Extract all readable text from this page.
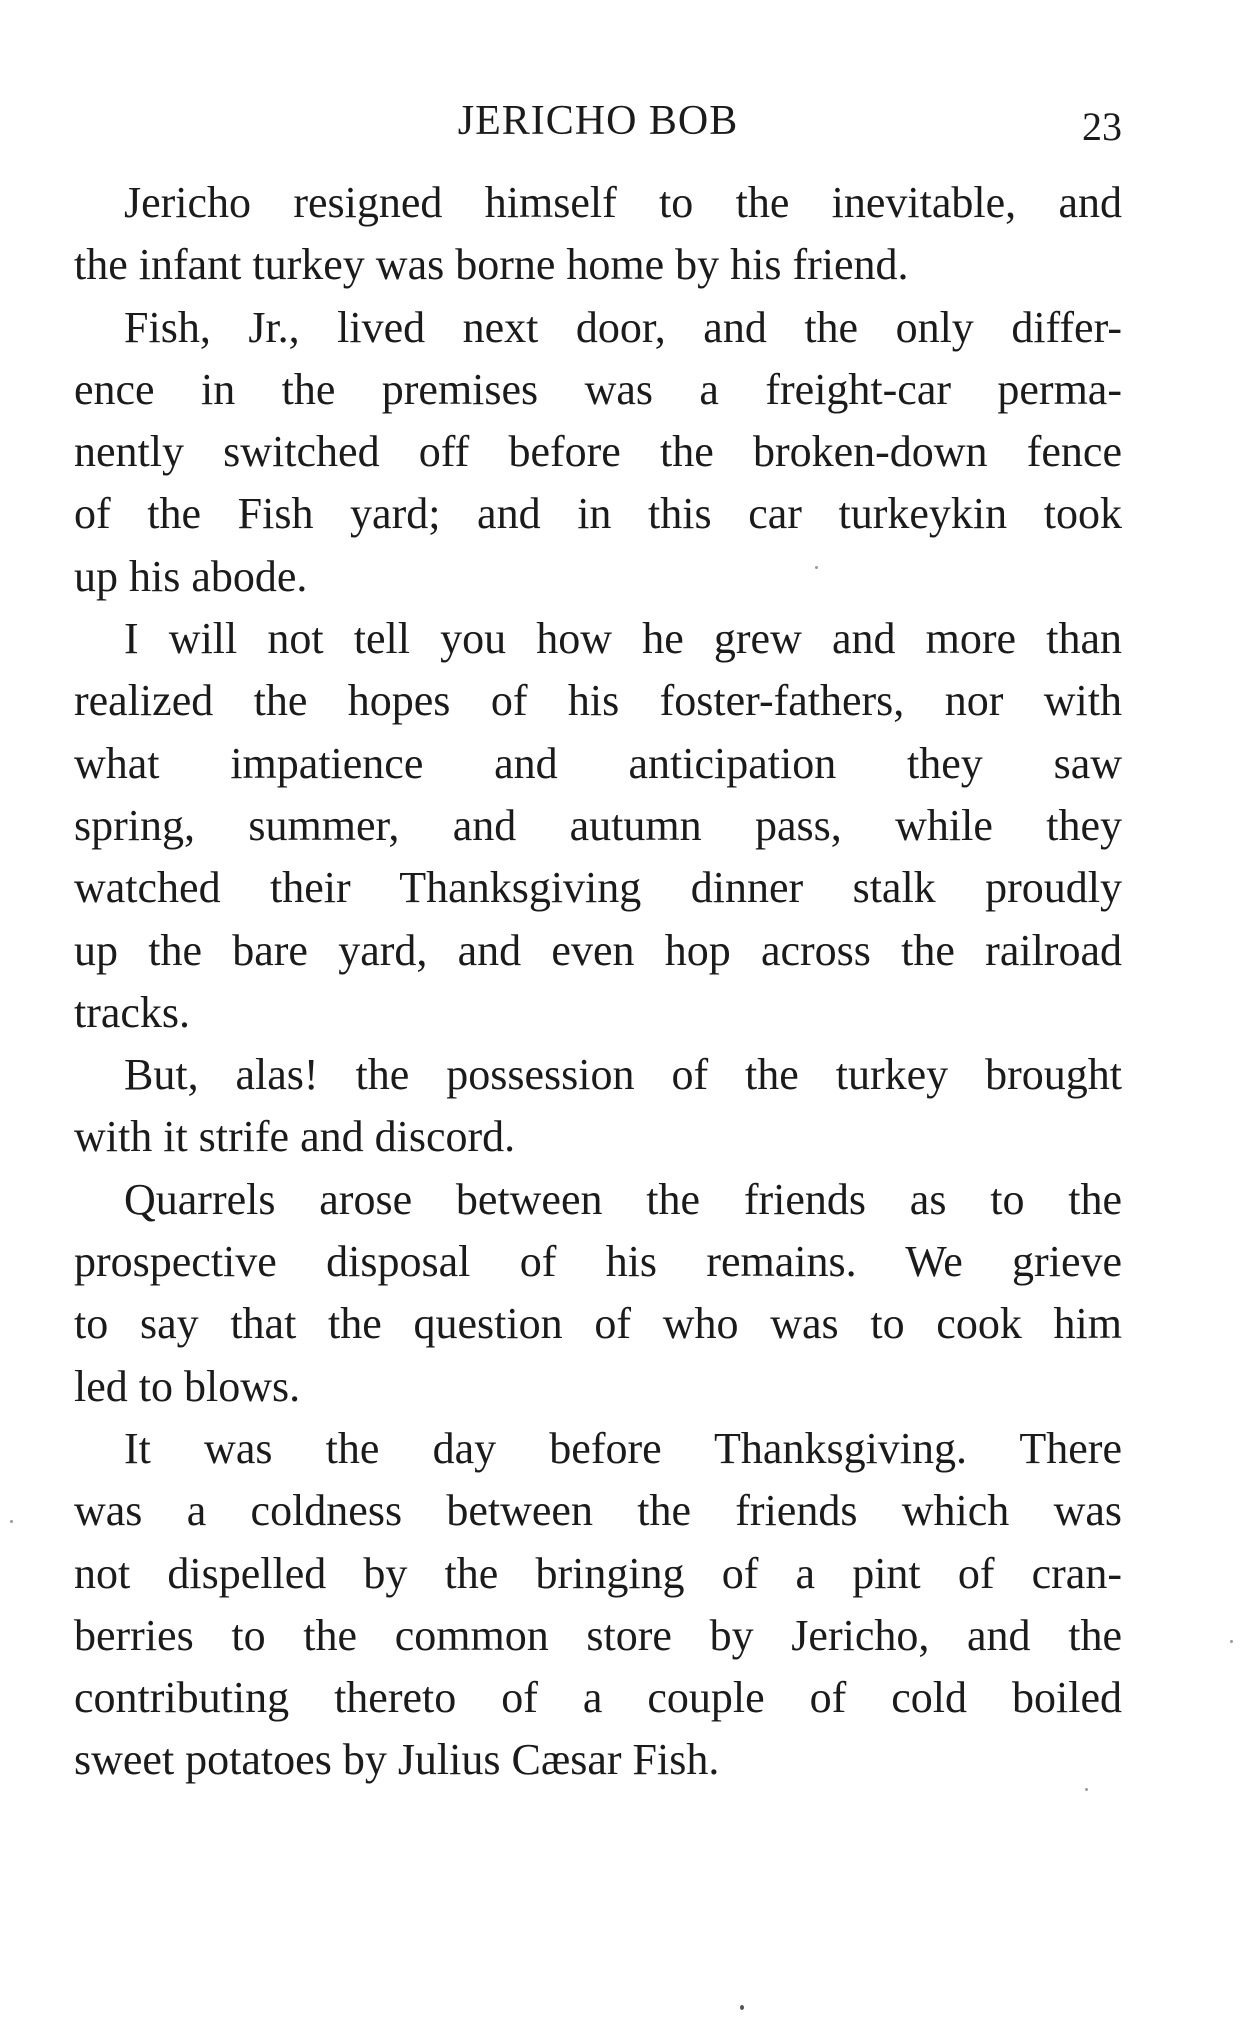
JERICHO BOB	23
Jericho resigned himself to the inevitable, and
the infant turkey was borne home by his friend.
Fish, Jr., lived next door, and the only differ-
ence in the premises was a freight-car perma-
nently switched off before the broken-down fence
of the Fish yard; and in this car turkeykin took
up his abode.
I will not tell you how he grew and more than
realized the hopes of his foster-fathers, nor with
what impatience and anticipation they saw
spring, summer, and autumn pass, while they
watched their Thanksgiving dinner stalk proudly
up the bare yard, and even hop across the railroad
tracks.
But, alas! the possession of the turkey brought
with it strife and discord.
Quarrels arose between the friends as to the
prospective disposal of his remains. We grieve
to say that the question of who was to cook him
led to blows.
It was the day before Thanksgiving. There
was a coldness between the friends which was
not dispelled by the bringing of a pint of cran-
berries to the common store by Jericho, and the
contributing thereto of a couple of cold boiled
sweet potatoes by Julius Cæsar Fish.
